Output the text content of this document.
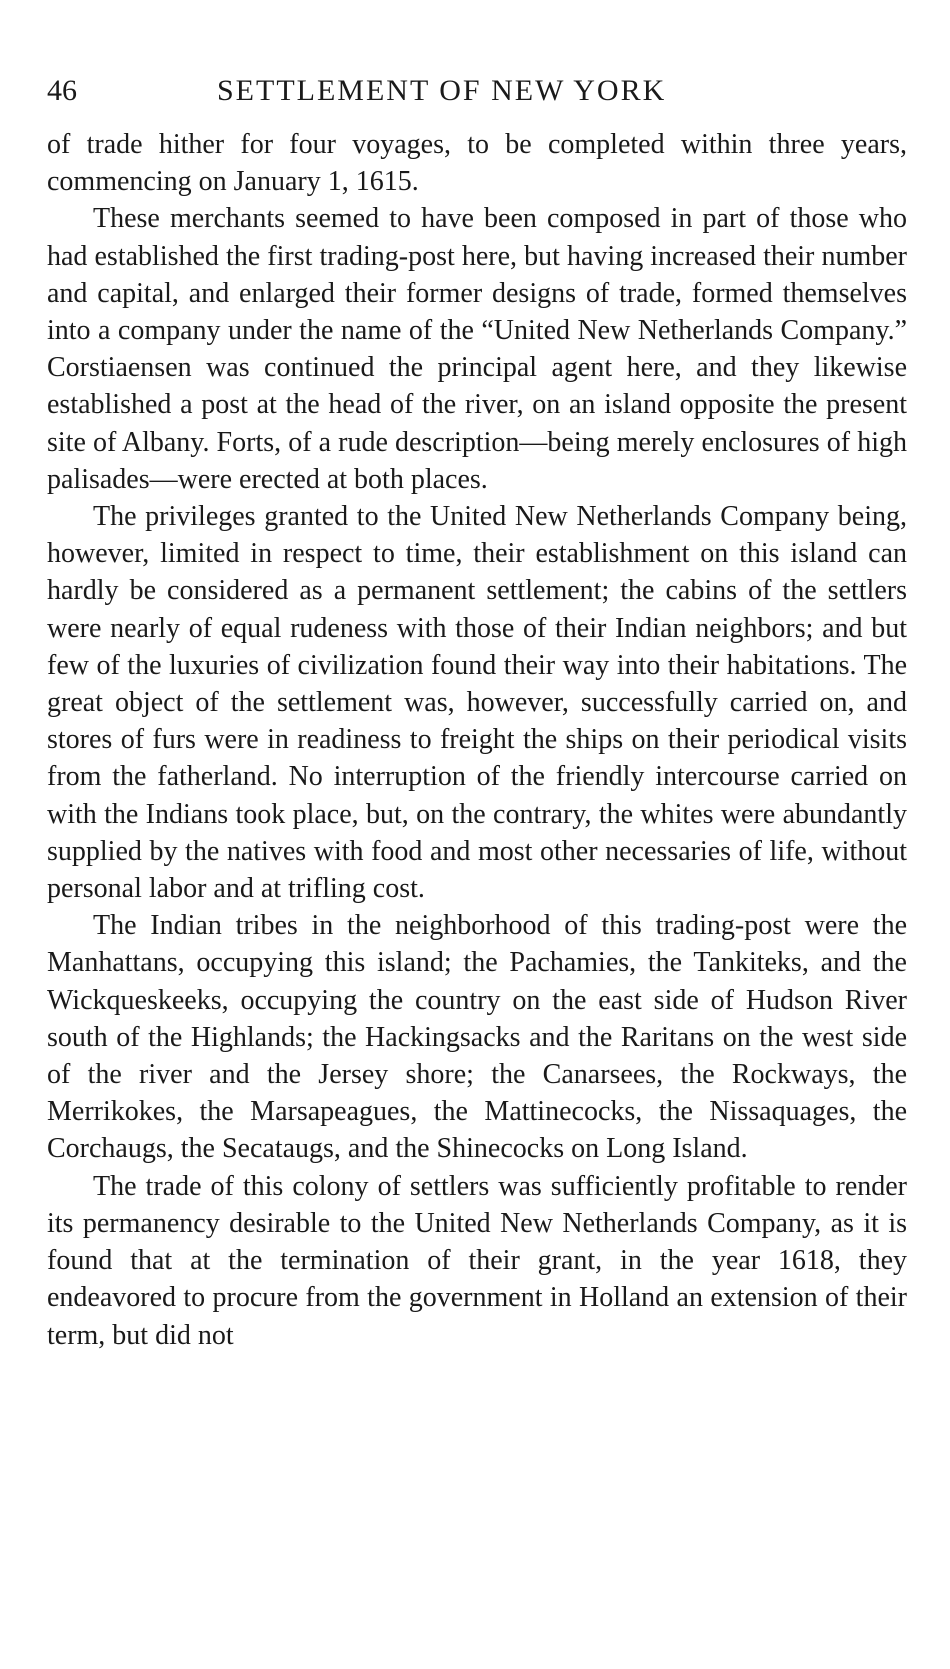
46	SETTLEMENT OF NEW YORK

of trade hither for four voyages, to be completed within three years, commencing on January 1, 1615.

These merchants seemed to have been composed in part of those who had established the first trading-post here, but having increased their number and capital, and enlarged their former designs of trade, formed themselves into a company under the name of the “United New Netherlands Company.” Corstiaensen was continued the principal agent here, and they likewise established a post at the head of the river, on an island opposite the present site of Albany. Forts, of a rude description—being merely enclosures of high palisades—were erected at both places.

The privileges granted to the United New Netherlands Company being, however, limited in respect to time, their establishment on this island can hardly be considered as a permanent settlement; the cabins of the settlers were nearly of equal rudeness with those of their Indian neighbors; and but few of the luxuries of civilization found their way into their habitations. The great object of the settlement was, however, successfully carried on, and stores of furs were in readiness to freight the ships on their periodical visits from the fatherland. No interruption of the friendly intercourse carried on with the Indians took place, but, on the contrary, the whites were abundantly supplied by the natives with food and most other necessaries of life, without personal labor and at trifling cost.

The Indian tribes in the neighborhood of this trading-post were the Manhattans, occupying this island; the Pachamies, the Tankiteks, and the Wickqueskeeks, occupying the country on the east side of Hudson River south of the Highlands; the Hackingsacks and the Raritans on the west side of the river and the Jersey shore; the Canarsees, the Rockways, the Merrikokes, the Marsapeagues, the Mattinecocks, the Nissaquages, the Corchaugs, the Secataugs, and the Shinecocks on Long Island.

The trade of this colony of settlers was sufficiently profitable to render its permanency desirable to the United New Netherlands Company, as it is found that at the termination of their grant, in the year 1618, they endeavored to procure from the government in Holland an extension of their term, but did not
